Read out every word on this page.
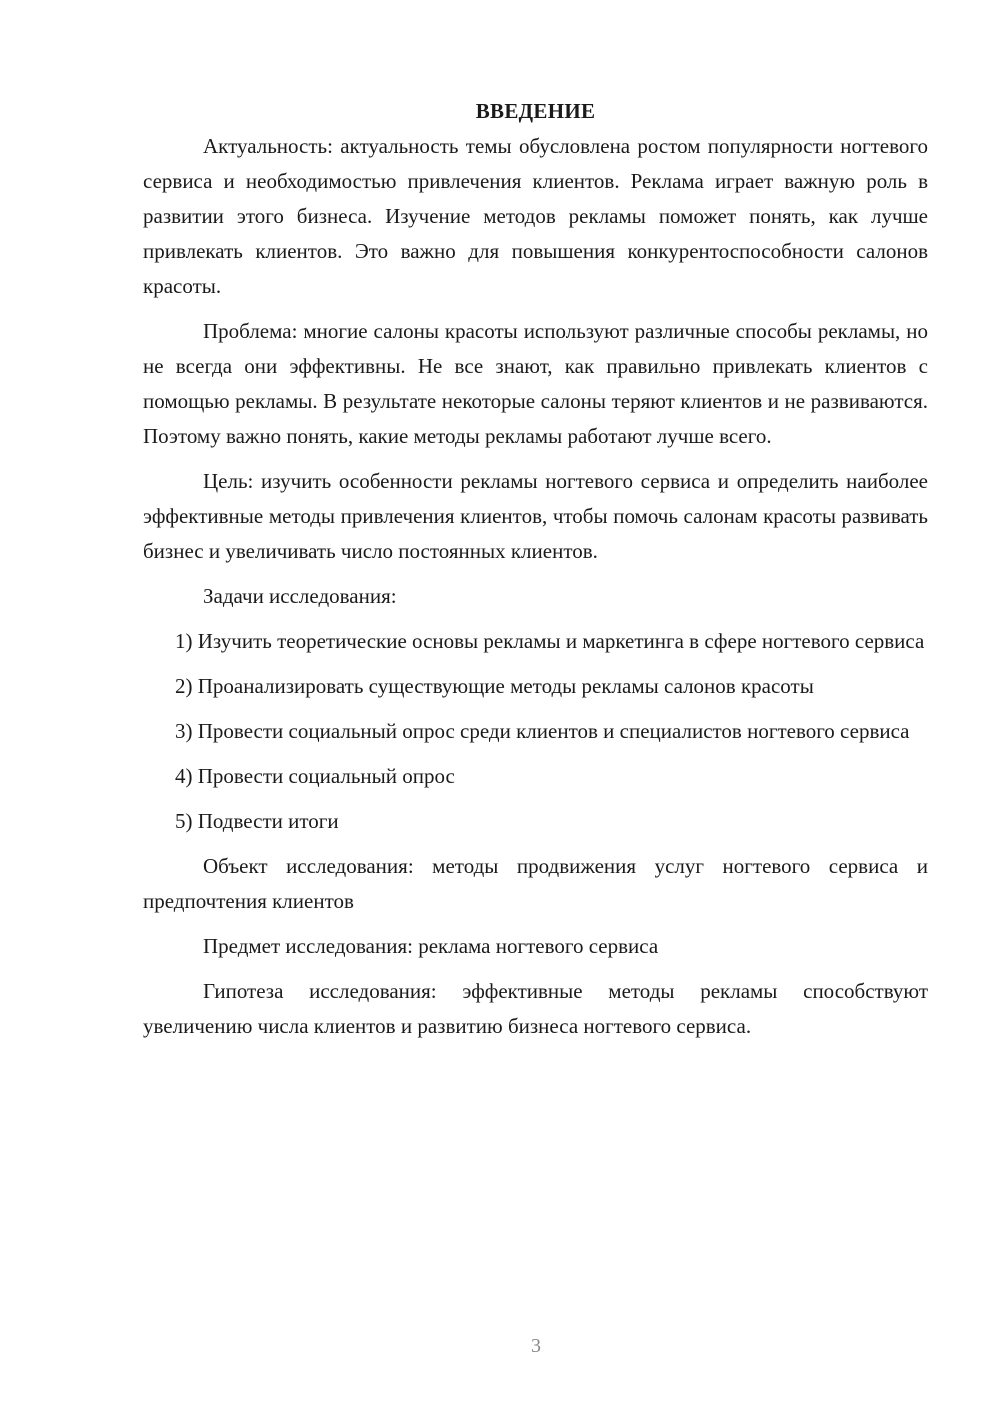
ВВЕДЕНИЕ

Актуальность: актуальность темы обусловлена ростом популярности ногтевого сервиса и необходимостью привлечения клиентов. Реклама играет важную роль в развитии этого бизнеса. Изучение методов рекламы поможет понять, как лучше привлекать клиентов. Это важно для повышения конкурентоспособности салонов красоты.

Проблема: многие салоны красоты используют различные способы рекламы, но не всегда они эффективны. Не все знают, как правильно привлекать клиентов с помощью рекламы. В результате некоторые салоны теряют клиентов и не развиваются. Поэтому важно понять, какие методы рекламы работают лучше всего.

Цель: изучить особенности рекламы ногтевого сервиса и определить наиболее эффективные методы привлечения клиентов, чтобы помочь салонам красоты развивать бизнес и увеличивать число постоянных клиентов.

Задачи исследования:

1) Изучить теоретические основы рекламы и маркетинга в сфере ногтевого сервиса

2) Проанализировать существующие методы рекламы салонов красоты

3) Провести социальный опрос среди клиентов и специалистов ногтевого сервиса

4) Провести социальный опрос

5) Подвести итоги

Объект исследования: методы продвижения услуг ногтевого сервиса и предпочтения клиентов

Предмет исследования: реклама ногтевого сервиса

Гипотеза исследования: эффективные методы рекламы способствуют увеличению числа клиентов и развитию бизнеса ногтевого сервиса.

3
